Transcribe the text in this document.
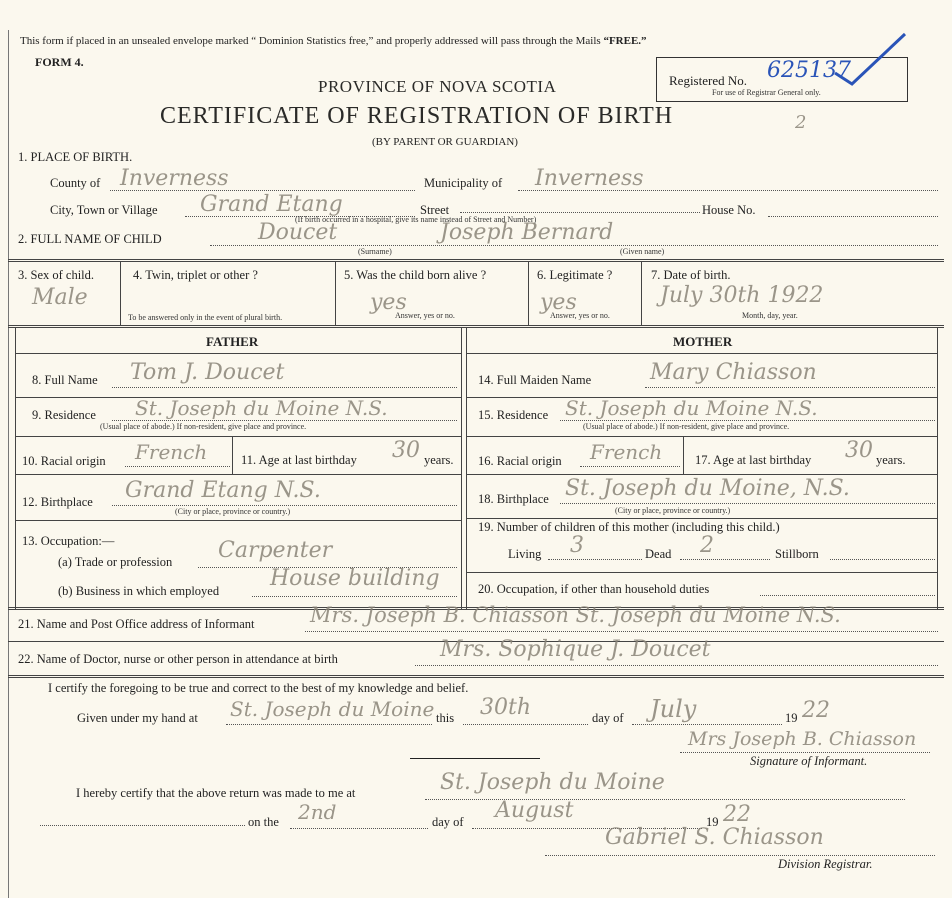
This form if placed in an unsealed envelope marked “ Dominion Statistics free,” and properly addressed will pass through the Mails “FREE.”
FORM 4.
PROVINCE OF NOVA SCOTIA
CERTIFICATE OF REGISTRATION OF BIRTH
(BY PARENT OR GUARDIAN)
Registered No. 625137
For use of Registrar General only.
2
1. PLACE OF BIRTH.
County of Inverness	Municipality of Inverness
City, Town or Village Grand Etang	Street
(If birth occurred in a hospital, give its name instead of Street and Number)
House No.
2. FULL NAME OF CHILD	Doucet	Joseph Bernard
(Surname)	(Given name)
3. Sex of child.
Male
4. Twin, triplet or other ?
To be answered only in the event of plural birth.
5. Was the child born alive ?
yes
Answer, yes or no.
6. Legitimate ?
yes
Answer, yes or no.
7. Date of birth.
July 30th 1922
Month, day, year.
FATHER	MOTHER
8. Full Name Tom J. Doucet
9. Residence St. Joseph du Moine N.S.
(Usual place of abode.) If non-resident, give place and province.
10. Racial origin French	11. Age at last birthday 30 years.
12. Birthplace Grand Etang N.S.
(City or place, province or country.)
13. Occupation:—
(a) Trade or profession Carpenter
(b) Business in which employed House building
14. Full Maiden Name	Mary Chiasson
15. Residence St. Joseph du Moine N.S.
(Usual place of abode.) If non-resident, give place and province.
16. Racial origin French	17. Age at last birthday 30 years.
18. Birthplace St. Joseph du Moine, N.S.
(City or place, province or country.)
19. Number of children of this mother (including this child.)
Living 3	Dead 2	Stillborn
20. Occupation, if other than household duties
21. Name and Post Office address of Informant	Mrs. Joseph B. Chiasson St. Joseph du Moine N.S.
22. Name of Doctor, nurse or other person in attendance at birth	Mrs. Sophique J. Doucet
I certify the foregoing to be true and correct to the best of my knowledge and belief.
Given under my hand at St. Joseph du Moine this 30th	day of July	19 22
Mrs Joseph B. Chiasson
Signature of Informant.
I hereby certify that the above return was made to me at	St. Joseph du Moine
on the 2nd	day of August	19 22
Gabriel S. Chiasson
Division Registrar.
